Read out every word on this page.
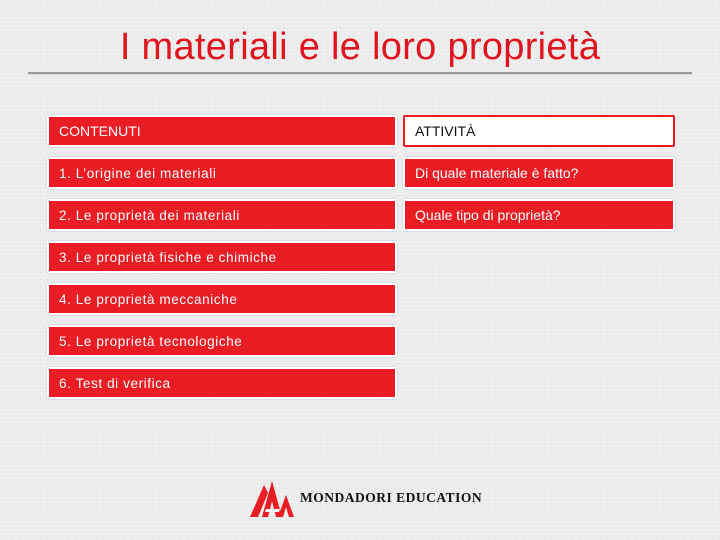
I materiali e le loro proprietà
CONTENUTI
1. L’origine dei materiali
2. Le proprietà dei materiali
3. Le proprietà fisiche e chimiche
4. Le proprietà meccaniche
5. Le proprietà tecnologiche
6. Test di verifica
ATTIVITÀ
Di quale materiale è fatto?
Quale tipo di proprietà?
MONDADORI EDUCATION
